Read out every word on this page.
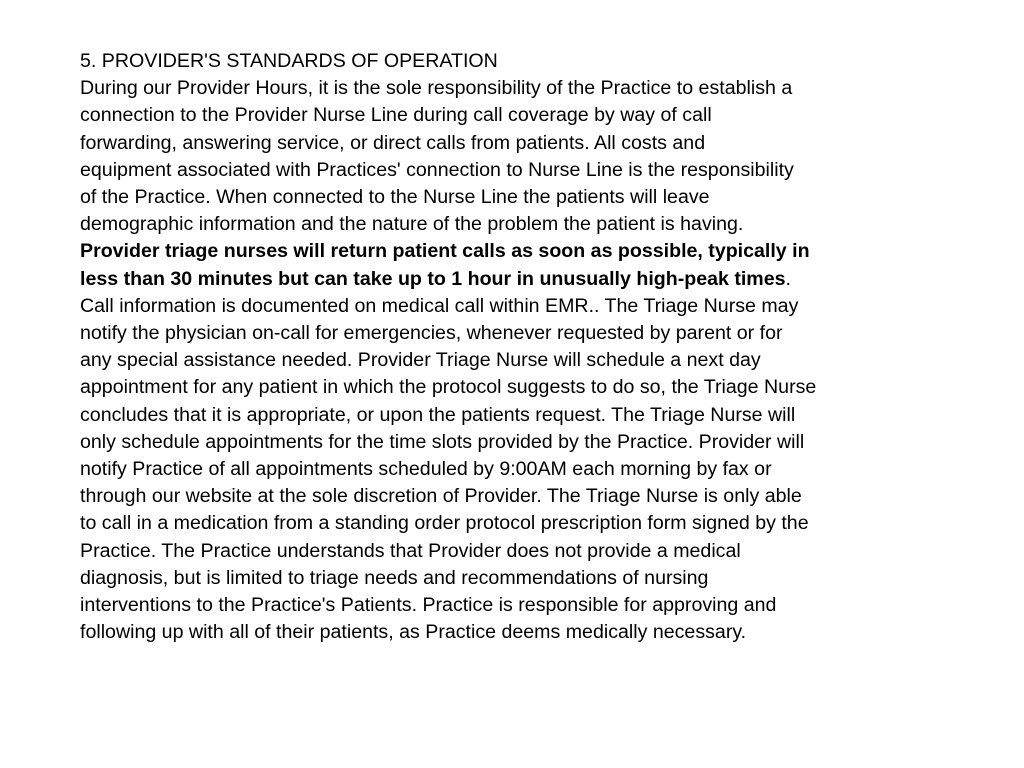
5. PROVIDER'S STANDARDS OF OPERATION
During our Provider Hours, it is the sole responsibility of the Practice to establish a
connection to the Provider Nurse Line during call coverage by way of call
forwarding, answering service, or direct calls from patients. All costs and
equipment associated with Practices' connection to Nurse Line is the responsibility
of the Practice. When connected to the Nurse Line the patients will leave
demographic information and the nature of the problem the patient is having.
Provider triage nurses will return patient calls as soon as possible, typically in
less than 30 minutes but can take up to 1 hour in unusually high-peak times.
Call information is documented on medical call within EMR.. The Triage Nurse may
notify the physician on-call for emergencies, whenever requested by parent or for
any special assistance needed. Provider Triage Nurse will schedule a next day
appointment for any patient in which the protocol suggests to do so, the Triage Nurse
concludes that it is appropriate, or upon the patients request. The Triage Nurse will
only schedule appointments for the time slots provided by the Practice. Provider will
notify Practice of all appointments scheduled by 9:00AM each morning by fax or
through our website at the sole discretion of Provider. The Triage Nurse is only able
to call in a medication from a standing order protocol prescription form signed by the
Practice. The Practice understands that Provider does not provide a medical
diagnosis, but is limited to triage needs and recommendations of nursing
interventions to the Practice's Patients. Practice is responsible for approving and
following up with all of their patients, as Practice deems medically necessary.
